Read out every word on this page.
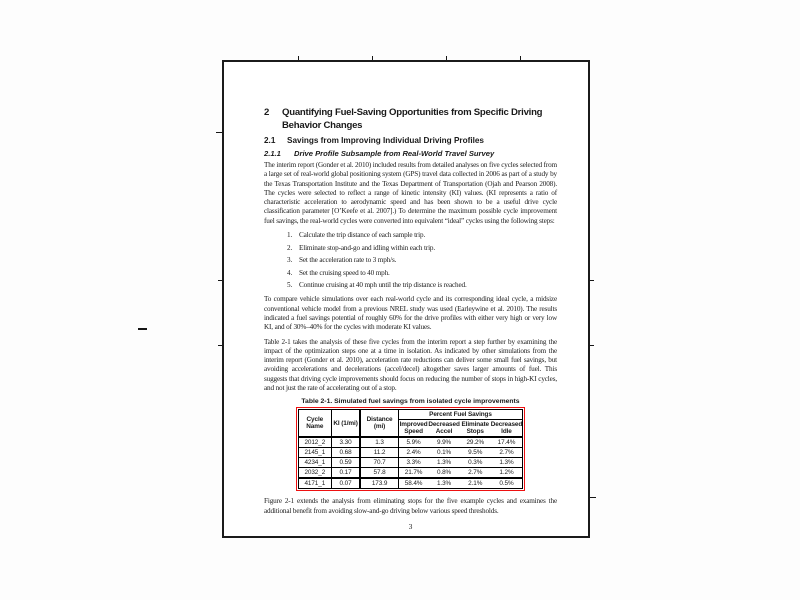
2	Quantifying Fuel-Saving Opportunities from Specific Driving Behavior Changes
2.1	Savings from Improving Individual Driving Profiles
2.1.1	Drive Profile Subsample from Real-World Travel Survey
The interim report (Gonder et al. 2010) included results from detailed analyses on five cycles selected from a large set of real-world global positioning system (GPS) travel data collected in 2006 as part of a study by the Texas Transportation Institute and the Texas Department of Transportation (Ojah and Pearson 2008). The cycles were selected to reflect a range of kinetic intensity (KI) values. (KI represents a ratio of characteristic acceleration to aerodynamic speed and has been shown to be a useful drive cycle classification parameter [O’Keefe et al. 2007].) To determine the maximum possible cycle improvement fuel savings, the real-world cycles were converted into equivalent “ideal” cycles using the following steps:
1. Calculate the trip distance of each sample trip.
2. Eliminate stop-and-go and idling within each trip.
3. Set the acceleration rate to 3 mph/s.
4. Set the cruising speed to 40 mph.
5. Continue cruising at 40 mph until the trip distance is reached.
To compare vehicle simulations over each real-world cycle and its corresponding ideal cycle, a midsize conventional vehicle model from a previous NREL study was used (Earleywine et al. 2010). The results indicated a fuel savings potential of roughly 60% for the drive profiles with either very high or very low KI, and of 30%–40% for the cycles with moderate KI values.
Table 2-1 takes the analysis of these five cycles from the interim report a step further by examining the impact of the optimization steps one at a time in isolation. As indicated by other simulations from the interim report (Gonder et al. 2010), acceleration rate reductions can deliver some small fuel savings, but avoiding accelerations and decelerations (accel/decel) altogether saves larger amounts of fuel. This suggests that driving cycle improvements should focus on reducing the number of stops in high-KI cycles, and not just the rate of accelerating out of a stop.
Table 2-1. Simulated fuel savings from isolated cycle improvements
Cycle Name	KI (1/mi)	Distance (mi)	Percent Fuel Savings			
			Improved Speed	Decreased Accel	Eliminate Stops	Decreased Idle
2012_2	3.30	1.3	5.9%	9.9%	29.2%	17.4%
2145_1	0.68	11.2	2.4%	0.1%	9.5%	2.7%
4234_1	0.59	70.7	3.3%	1.3%	0.3%	1.3%
2032_2	0.17	57.8	21.7%	0.8%	2.7%	1.2%
4171_1	0.07	173.9	58.4%	1.3%	2.1%	0.5%
Figure 2-1 extends the analysis from eliminating stops for the five example cycles and examines the additional benefit from avoiding slow-and-go driving below various speed thresholds.
3
